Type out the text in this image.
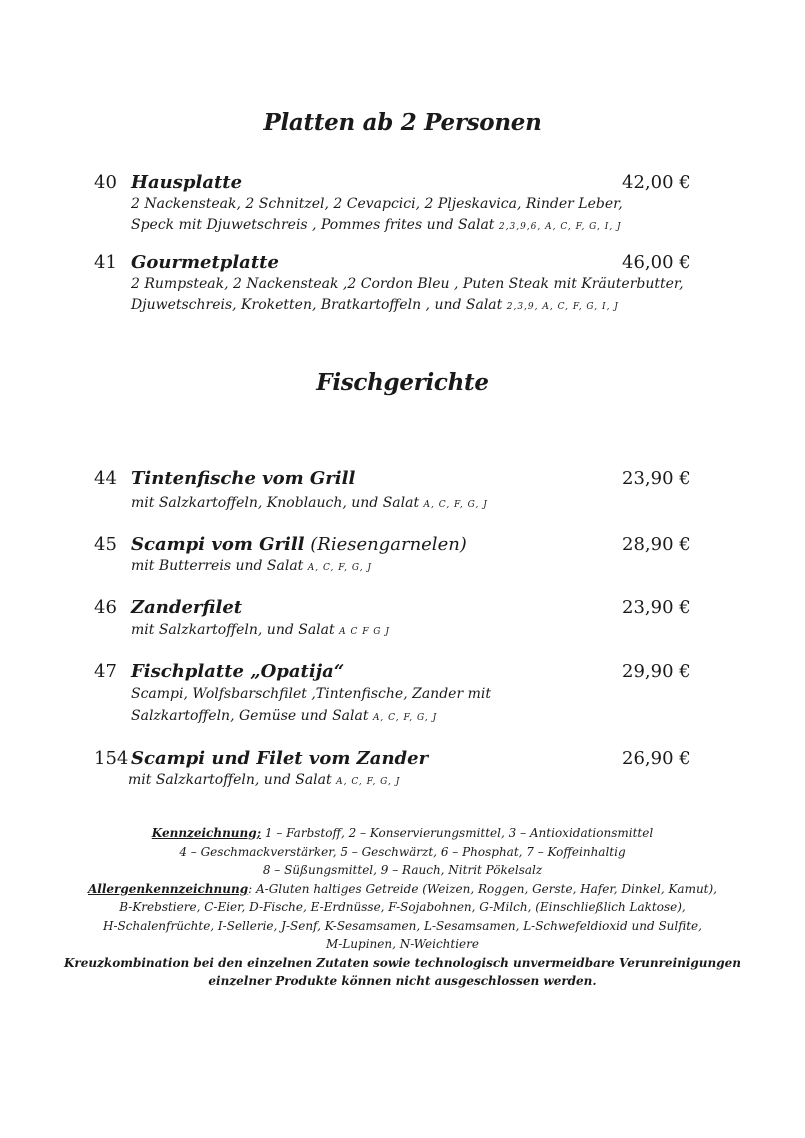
Platten ab 2 Personen
40 Hausplatte	42,00 €
2 Nackensteak, 2 Schnitzel, 2 Cevapcici, 2 Pljeskavica, Rinder Leber,
Speck mit Djuwetschreis , Pommes frites und Salat 2,3,9,6, A, C, F, G, I, J
41 Gourmetplatte	46,00 €
2 Rumpsteak, 2 Nackensteak ,2 Cordon Bleu , Puten Steak mit Kräuterbutter,
Djuwetschreis, Kroketten, Bratkartoffeln , und Salat 2,3,9, A, C, F, G, I, J
Fischgerichte
44 Tintenfische vom Grill	23,90 €
mit Salzkartoffeln, Knoblauch, und Salat A, C, F, G, J
45 Scampi vom Grill (Riesengarnelen)	28,90 €
mit Butterreis und Salat A, C, F, G, J
46 Zanderfilet	23,90 €
mit Salzkartoffeln, und Salat A C F G J
47 Fischplatte „Opatija“	29,90 €
Scampi, Wolfsbarschfilet ,Tintenfische, Zander mit
Salzkartoffeln, Gemüse und Salat A, C, F, G, J
154 Scampi und Filet vom Zander	26,90 €
mit Salzkartoffeln, und Salat A, C, F, G, J
Kennzeichnung; 1 – Farbstoff, 2 – Konservierungsmittel, 3 – Antioxidationsmittel
4 – Geschmackverstärker, 5 – Geschwärzt, 6 – Phosphat, 7 – Koffeinhaltig
8 – Süßungsmittel, 9 – Rauch, Nitrit Pökelsalz
Allergenkennzeichnung: A-Gluten haltiges Getreide (Weizen, Roggen, Gerste, Hafer, Dinkel, Kamut),
B-Krebstiere, C-Eier, D-Fische, E-Erdnüsse, F-Sojabohnen, G-Milch, (Einschließlich Laktose),
H-Schalenfrüchte, I-Sellerie, J-Senf, K-Sesamsamen, L-Sesamsamen, L-Schwefeldioxid und Sulfite,
M-Lupinen, N-Weichtiere
Kreuzkombination bei den einzelnen Zutaten sowie technologisch unvermeidbare Verunreinigungen
einzelner Produkte können nicht ausgeschlossen werden.
